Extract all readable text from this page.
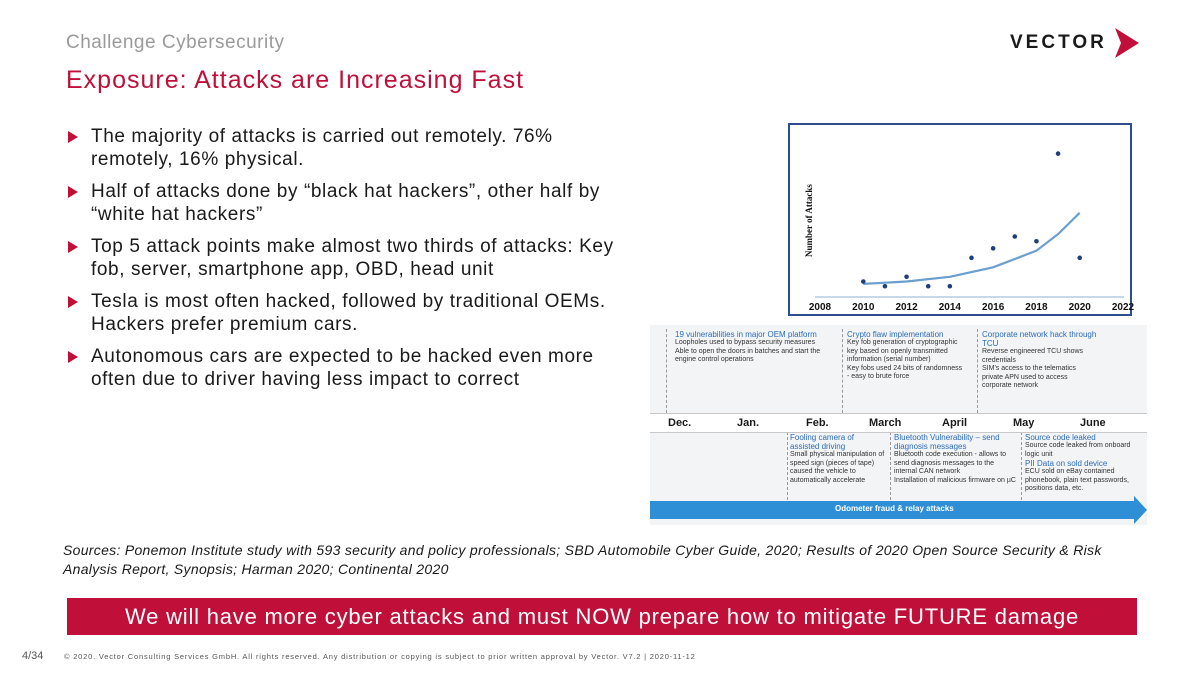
Challenge Cybersecurity
Exposure: Attacks are Increasing Fast
VECTOR
The majority of attacks is carried out remotely. 76% remotely, 16% physical.
Half of attacks done by “black hat hackers”, other half by “white hat hackers”
Top 5 attack points make almost two thirds of attacks: Key fob, server, smartphone app, OBD, head unit
Tesla is most often hacked, followed by traditional OEMs. Hackers prefer premium cars.
Autonomous cars are expected to be hacked even more often due to driver having less impact to correct
Number of Attacks
2008 2010 2012 2014 2016 2018 2020 2022
19 vulnerabilities in major OEM platform
Loopholes used to bypass security measures
Able to open the doors in batches and start the engine control operations
Crypto flaw implementation
Key fob generation of cryptographic key based on openly transmitted information (serial number)
Key fobs used 24 bits of randomness - easy to brute force
Corporate network hack through TCU
Reverse engineered TCU shows credentials
SIM's access to the telematics private APN used to access corporate network
Dec.	Jan.	Feb.	March	April	May	June
Fooling camera of assisted driving
Small physical manipulation of speed sign (pieces of tape) caused the vehicle to automatically accelerate
Bluetooth Vulnerability – send diagnosis messages
Bluetooth code execution - allows to send diagnosis messages to the internal CAN network
Installation of malicious firmware on µC
Source code leaked
Source code leaked from onboard logic unit
PII Data on sold device
ECU sold on eBay contained phonebook, plain text passwords, positions data, etc.
Odometer fraud & relay attacks
Sources: Ponemon Institute study with 593 security and policy professionals; SBD Automobile Cyber Guide, 2020; Results of 2020 Open Source Security & Risk Analysis Report, Synopsis; Harman 2020; Continental 2020
We will have more cyber attacks and must NOW prepare how to mitigate FUTURE damage
4/34	© 2020. Vector Consulting Services GmbH. All rights reserved. Any distribution or copying is subject to prior written approval by Vector. V7.2 | 2020-11-12
